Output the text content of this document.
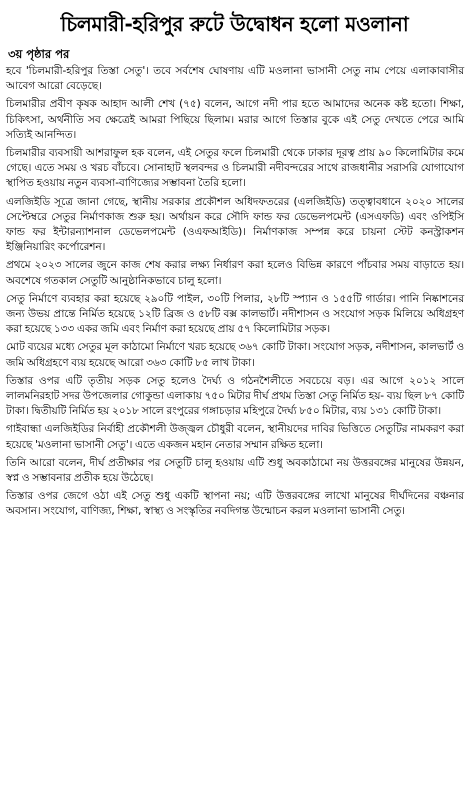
চিলমারী-হরিপুর রুটে উদ্বোধন হলো মওলানা
৩য় পৃষ্ঠার পর

হবে 'চিলমারী-হরিপুর তিস্তা সেতু'। তবে সর্বশেষ ঘোষণায় এটি মওলানা ভাসানী সেতু নাম পেয়ে এলাকাবাসীর আবেগ আরো বেড়েছে।

চিলমারীর প্রবীণ কৃষক আহাদ আলী শেখ (৭৫) বলেন, আগে নদী পার হতে আমাদের অনেক কষ্ট হতো। শিক্ষা, চিকিৎসা, অর্থনীতি সব ক্ষেত্রেই আমরা পিছিয়ে ছিলাম। মরার আগে তিস্তার বুকে এই সেতু দেখতে পেরে আমি সত্যিই আনন্দিত।

চিলমারীর ব্যবসায়ী আশরাফুল হক বলেন, এই সেতুর ফলে চিলমারী থেকে ঢাকার দূরত্ব প্রায় ৯০ কিলোমিটার কমে গেছে। এতে সময় ও খরচ বাঁচবে। সোনাহাট স্থলবন্দর ও চিলমারী নদীবন্দরের সাথে রাজধানীর সরাসরি যোগাযোগ স্থাপিত হওয়ায় নতুন ব্যবসা-বাণিজ্যের সম্ভাবনা তৈরি হলো।

এলজিইডি সূত্রে জানা গেছে, স্থানীয় সরকার প্রকৌশল অধিদফতরের (এলজিইডি) তত্ত্বাবধানে ২০২০ সালের সেপ্টেম্বরে সেতুর নির্মাণকাজ শুরু হয়। অর্থায়ন করে সৌদি ফান্ড ফর ডেভেলপমেন্ট (এসএফডি) এবং ওপিইসি ফান্ড ফর ইন্টারন্যাশনাল ডেভেলপমেন্ট (ওএফআইডি)। নির্মাণকাজ সম্পন্ন করে চায়না স্টেট কনস্ট্রাকশন ইঞ্জিনিয়ারিং কর্পোরেশন।

প্রথমে ২০২৩ সালের জুনে কাজ শেষ করার লক্ষ্য নির্ধারণ করা হলেও বিভিন্ন কারণে পাঁচবার সময় বাড়াতে হয়। অবশেষে গতকাল সেতুটি আনুষ্ঠানিকভাবে চালু হলো।

সেতু নির্মাণে ব্যবহার করা হয়েছে ২৯০টি পাইল, ৩০টি পিলার, ২৮টি স্প্যান ও ১৫৫টি গার্ডার। পানি নিষ্কাশনের জন্য উভয় প্রান্তে নির্মিত হয়েছে ১২টি ব্রিজ ও ৫৮টি বক্স কালভার্ট। নদীশাসন ও সংযোগ সড়ক মিলিয়ে অধিগ্রহণ করা হয়েছে ১৩৩ একর জমি এবং নির্মাণ করা হয়েছে প্রায় ৫৭ কিলোমিটার সড়ক।

মোট ব্যয়ের মধ্যে সেতুর মূল কাঠামো নির্মাণে খরচ হয়েছে ৩৬৭ কোটি টাকা। সংযোগ সড়ক, নদীশাসন, কালভার্ট ও জমি অধিগ্রহণে ব্যয় হয়েছে আরো ৩৬৩ কোটি ৮৫ লাখ টাকা।

তিস্তার ওপর এটি তৃতীয় সড়ক সেতু হলেও দৈর্ঘ্য ও গঠনশৈলীতে সবচেয়ে বড়। এর আগে ২০১২ সালে লালমনিরহাট সদর উপজেলার গোকুন্ডা এলাকায় ৭৫০ মিটার দীর্ঘ প্রথম তিস্তা সেতু নির্মিত হয়- ব্যয় ছিল ৮৭ কোটি টাকা। দ্বিতীয়টি নির্মিত হয় ২০১৮ সালে রংপুরের গঙ্গাচড়ার মহিপুরে দৈর্ঘ্য ৮৫০ মিটার, ব্যয় ১৩১ কোটি টাকা।

গাইবান্ধা এলজিইডির নির্বাহী প্রকৌশলী উজ্জ্বল চৌধুরী বলেন, স্থানীয়দের দাবির ভিত্তিতে সেতুটির নামকরণ করা হয়েছে 'মওলানা ভাসানী সেতু'। এতে একজন মহান নেতার সম্মান রক্ষিত হলো।

তিনি আরো বলেন, দীর্ঘ প্রতীক্ষার পর সেতুটি চালু হওয়ায় এটি শুধু অবকাঠামো নয় উত্তরবঙ্গের মানুষের উন্নয়ন, স্বপ্ন ও সম্ভাবনার প্রতীক হয়ে উঠেছে।

তিস্তার ওপর জেগে ওঠা এই সেতু শুধু একটি স্থাপনা নয়; এটি উত্তরবঙ্গের লাখো মানুষের দীর্ঘদিনের বঞ্চনার অবসান। সংযোগ, বাণিজ্য, শিক্ষা, স্বাস্থ্য ও সংস্কৃতির নবদিগন্ত উন্মোচন করল মওলানা ভাসানী সেতু।
